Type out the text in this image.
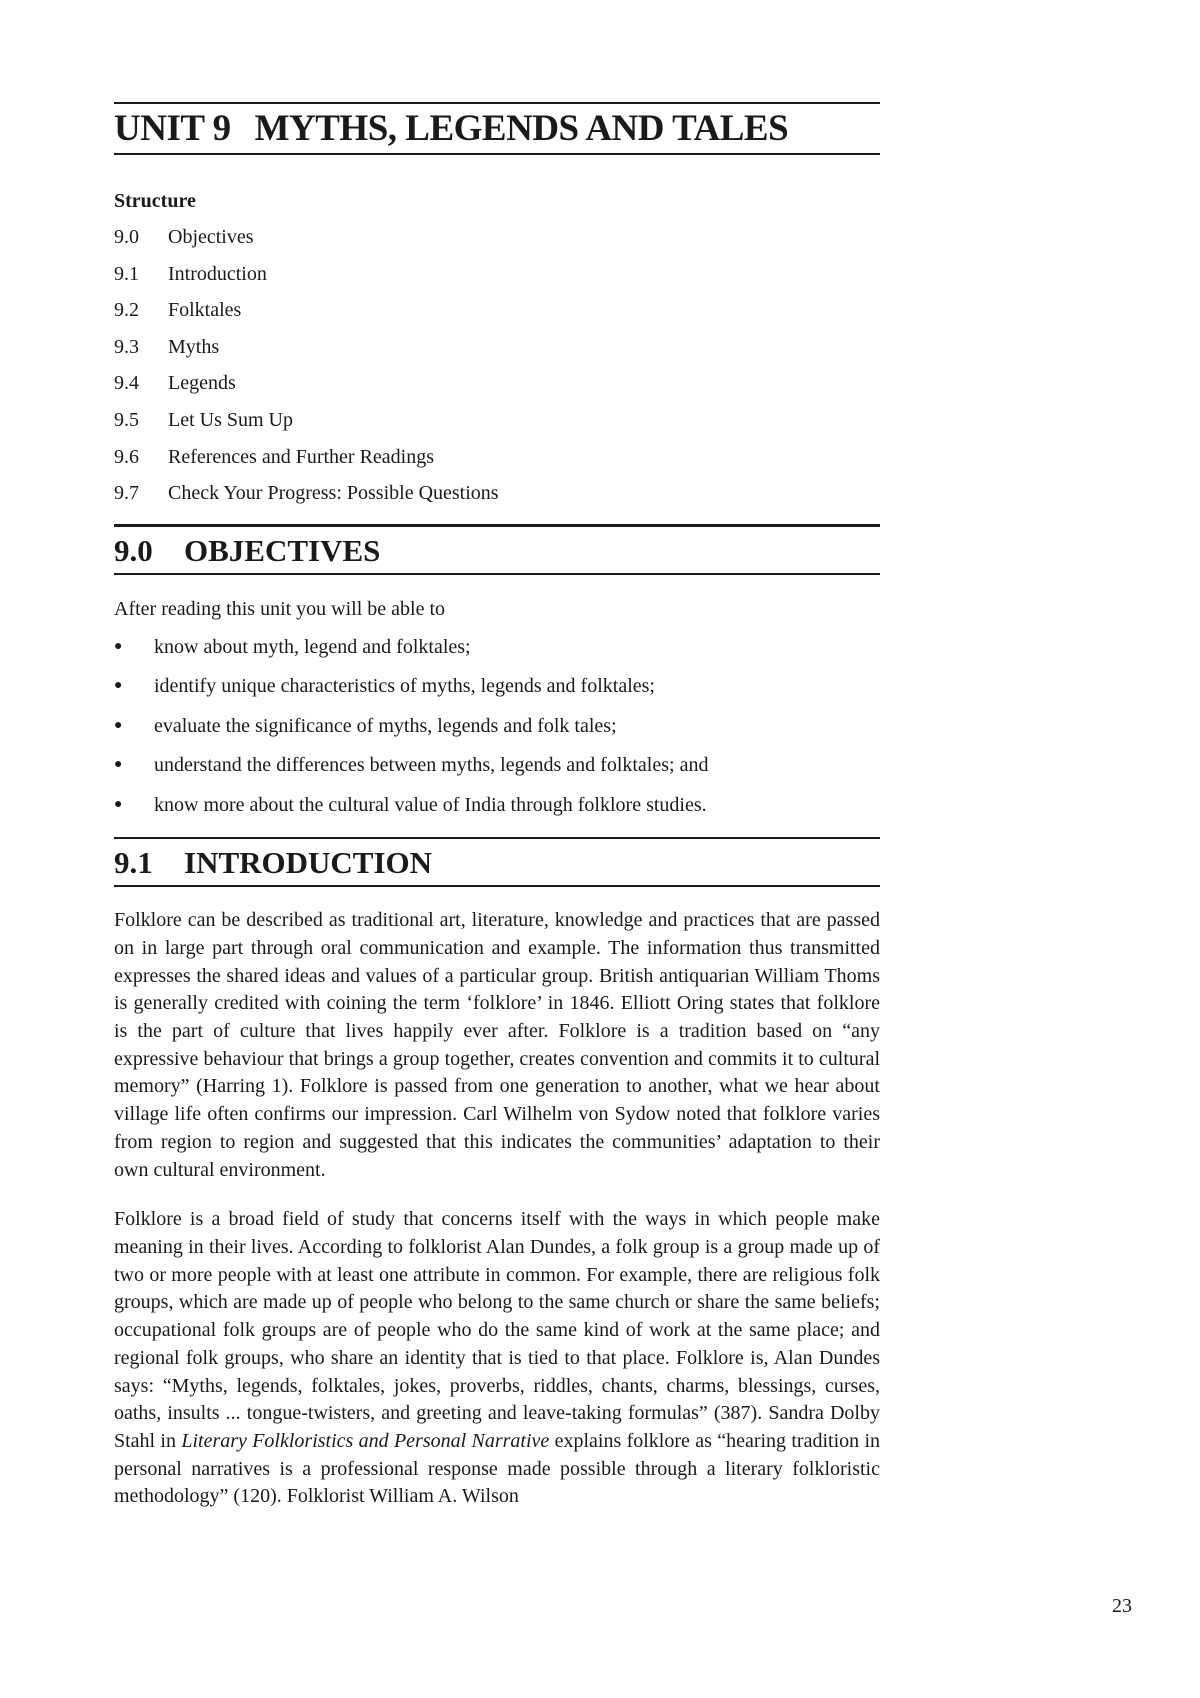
UNIT 9 MYTHS, LEGENDS AND TALES
Structure
9.0	Objectives
9.1	Introduction
9.2	Folktales
9.3	Myths
9.4	Legends
9.5	Let Us Sum Up
9.6	References and Further Readings
9.7	Check Your Progress: Possible Questions
9.0 OBJECTIVES
After reading this unit you will be able to
●	know about myth, legend and folktales;
●	identify unique characteristics of myths, legends and folktales;
●	evaluate the significance of myths, legends and folk tales;
●	understand the differences between myths, legends and folktales; and
●	know more about the cultural value of India through folklore studies.
9.1 INTRODUCTION

Folklore can be described as traditional art, literature, knowledge and practices that are passed on in large part through oral communication and example. The information thus transmitted expresses the shared ideas and values of a particular group. British antiquarian William Thoms is generally credited with coining the term ‘folklore’ in 1846. Elliott Oring states that folklore is the part of culture that lives happily ever after. Folklore is a tradition based on “any expressive behaviour that brings a group together, creates convention and commits it to cultural memory” (Harring 1). Folklore is passed from one generation to another, what we hear about village life often confirms our impression. Carl Wilhelm von Sydow noted that folklore varies from region to region and suggested that this indicates the communities’ adaptation to their own cultural environment.

Folklore is a broad field of study that concerns itself with the ways in which people make meaning in their lives. According to folklorist Alan Dundes, a folk group is a group made up of two or more people with at least one attribute in common. For example, there are religious folk groups, which are made up of people who belong to the same church or share the same beliefs; occupational folk groups are of people who do the same kind of work at the same place; and regional folk groups, who share an identity that is tied to that place. Folklore is, Alan Dundes says: “Myths, legends, folktales, jokes, proverbs, riddles, chants, charms, blessings, curses, oaths, insults ... tongue-twisters, and greeting and leave-taking formulas” (387). Sandra Dolby Stahl in Literary Folkloristics and Personal Narrative explains folklore as “hearing tradition in personal narratives is a professional response made possible through a literary folkloristic methodology” (120). Folklorist William A. Wilson

23
